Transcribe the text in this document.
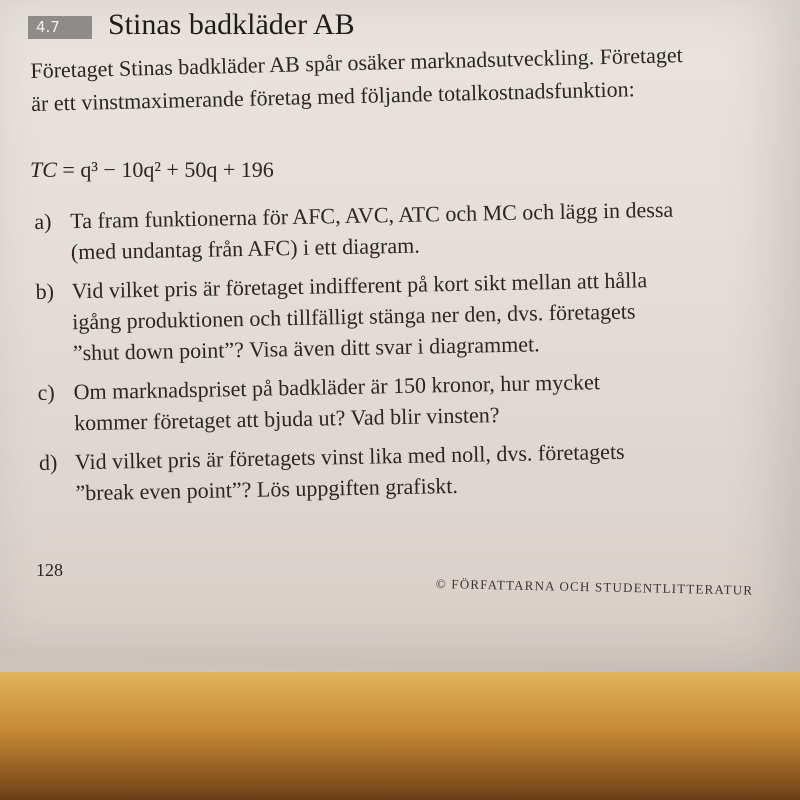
4.7	Stinas badkläder AB
Företaget Stinas badkläder AB spår osäker marknadsutveckling. Företaget
är ett vinstmaximerande företag med följande totalkostnadsfunktion:
TC = q³ − 10q² + 50q + 196
a) Ta fram funktionerna för AFC, AVC, ATC och MC och lägg in dessa
(med undantag från AFC) i ett diagram.
b) Vid vilket pris är företaget indifferent på kort sikt mellan att hålla
igång produktionen och tillfälligt stänga ner den, dvs. företagets
”shut down point”? Visa även ditt svar i diagrammet.
c) Om marknadspriset på badkläder är 150 kronor, hur mycket
kommer företaget att bjuda ut? Vad blir vinsten?
d) Vid vilket pris är företagets vinst lika med noll, dvs. företagets
”break even point”? Lös uppgiften grafiskt.
128
© FÖRFATTARNA OCH STUDENTLITTERATUR
